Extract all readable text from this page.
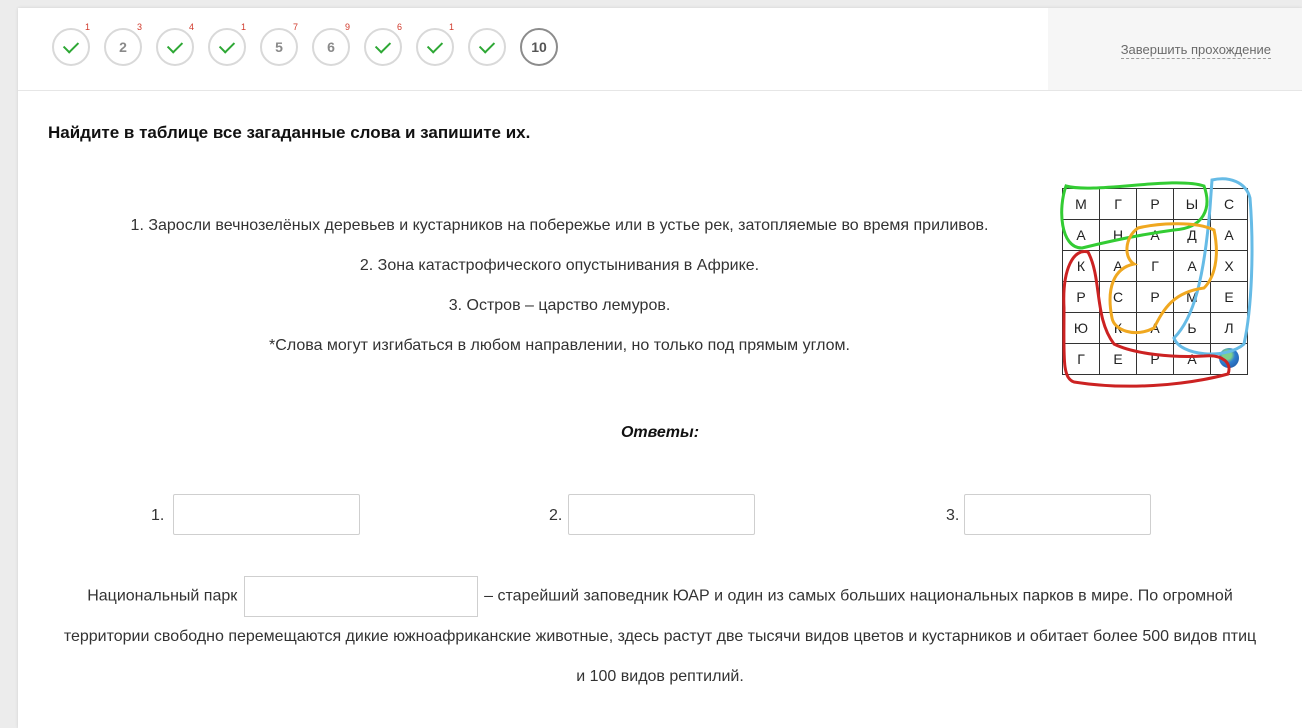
1
2
3	4	1
5
7
6
9	6	1
10	Завершить прохождение
Найдите в таблице все загаданные слова и запишите их.

1. Заросли вечнозелёных деревьев и кустарников на побережье или в устье рек, затопляемые во время приливов.

2. Зона катастрофического опустынивания в Африке.

3. Остров – царство лемуров.

*Слова могут изгибаться в любом направлении, но только под прямым углом.

М	Г	Р	Ы	С
А	Н	А	Д	А
К	А	Г	А	Х
Р	С	Р	М	Е
Ю	К	А	Ь	Л
Г	Е	Р	А	
Ответы:
1.	2.	3.
Национальный парк	– старейший заповедник ЮАР и один из самых больших национальных парков в мире. По огромной территории свободно перемещаются дикие южноафриканские животные, здесь растут две тысячи видов цветов и кустарников и обитает более 500 видов птиц и 100 видов рептилий.
